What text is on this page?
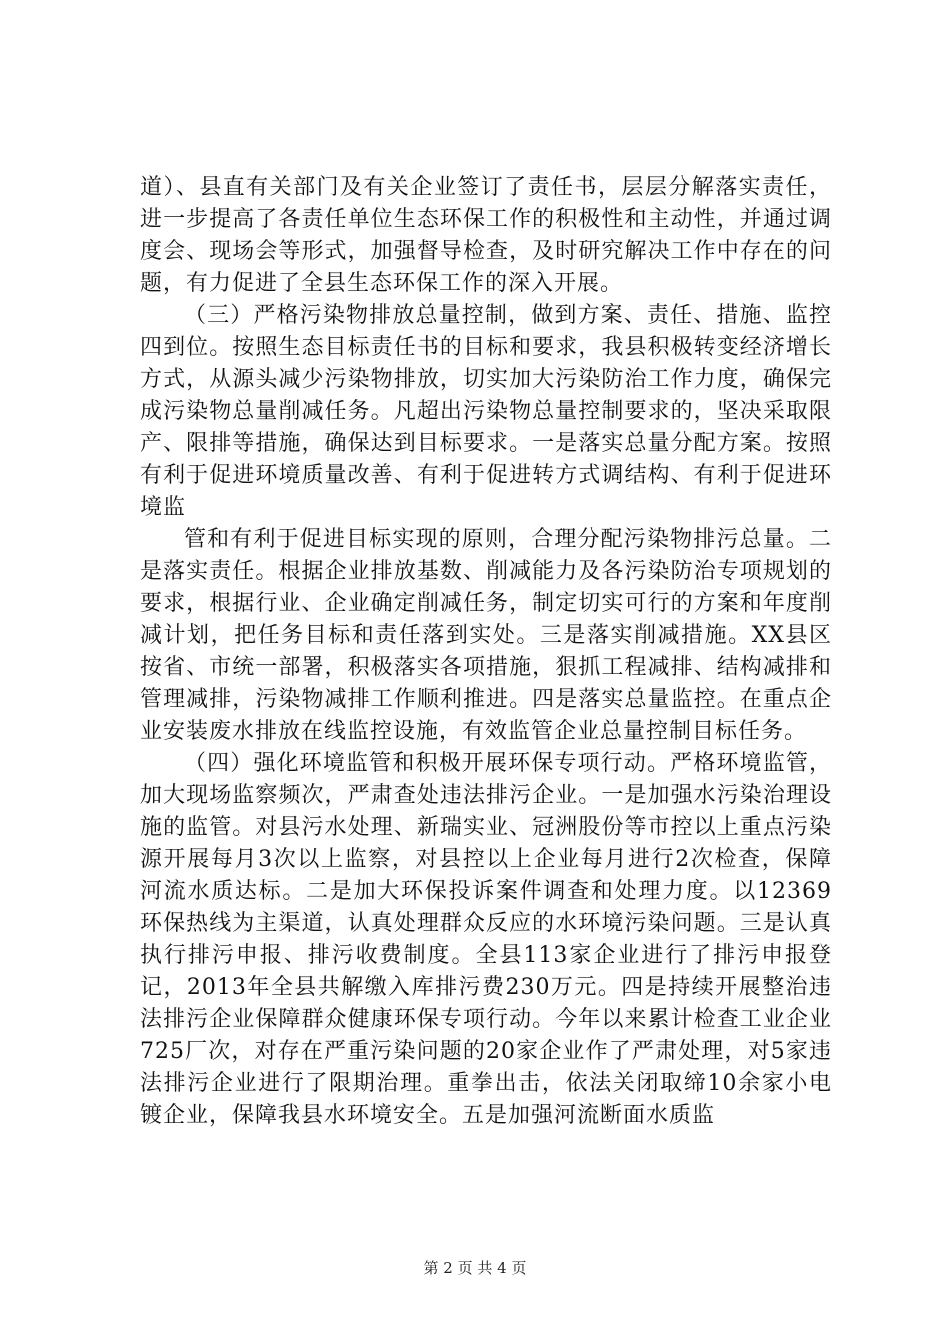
道）、县直有关部门及有关企业签订了责任书，层层分解落实责任，进一步提高了各责任单位生态环保工作的积极性和主动性，并通过调度会、现场会等形式，加强督导检查，及时研究解决工作中存在的问题，有力促进了全县生态环保工作的深入开展。

（三）严格污染物排放总量控制，做到方案、责任、措施、监控四到位。按照生态目标责任书的目标和要求，我县积极转变经济增长方式，从源头减少污染物排放，切实加大污染防治工作力度，确保完成污染物总量削减任务。凡超出污染物总量控制要求的，坚决采取限产、限排等措施，确保达到目标要求。一是落实总量分配方案。按照有利于促进环境质量改善、有利于促进转方式调结构、有利于促进环境监

管和有利于促进目标实现的原则，合理分配污染物排污总量。二是落实责任。根据企业排放基数、削减能力及各污染防治专项规划的要求，根据行业、企业确定削减任务，制定切实可行的方案和年度削减计划，把任务目标和责任落到实处。三是落实削减措施。XX县区按省、市统一部署，积极落实各项措施，狠抓工程减排、结构减排和管理减排，污染物减排工作顺利推进。四是落实总量监控。在重点企业安装废水排放在线监控设施，有效监管企业总量控制目标任务。

（四）强化环境监管和积极开展环保专项行动。严格环境监管，加大现场监察频次，严肃查处违法排污企业。一是加强水污染治理设施的监管。对县污水处理、新瑞实业、冠洲股份等市控以上重点污染源开展每月3次以上监察，对县控以上企业每月进行2次检查，保障河流水质达标。二是加大环保投诉案件调查和处理力度。以12369环保热线为主渠道，认真处理群众反应的水环境污染问题。三是认真执行排污申报、排污收费制度。全县113家企业进行了排污申报登记，2013年全县共解缴入库排污费230万元。四是持续开展整治违法排污企业保障群众健康环保专项行动。今年以来累计检查工业企业725厂次，对存在严重污染问题的20家企业作了严肃处理，对5家违法排污企业进行了限期治理。重拳出击，依法关闭取缔10余家小电镀企业，保障我县水环境安全。五是加强河流断面水质监

第 2 页 共 4 页
